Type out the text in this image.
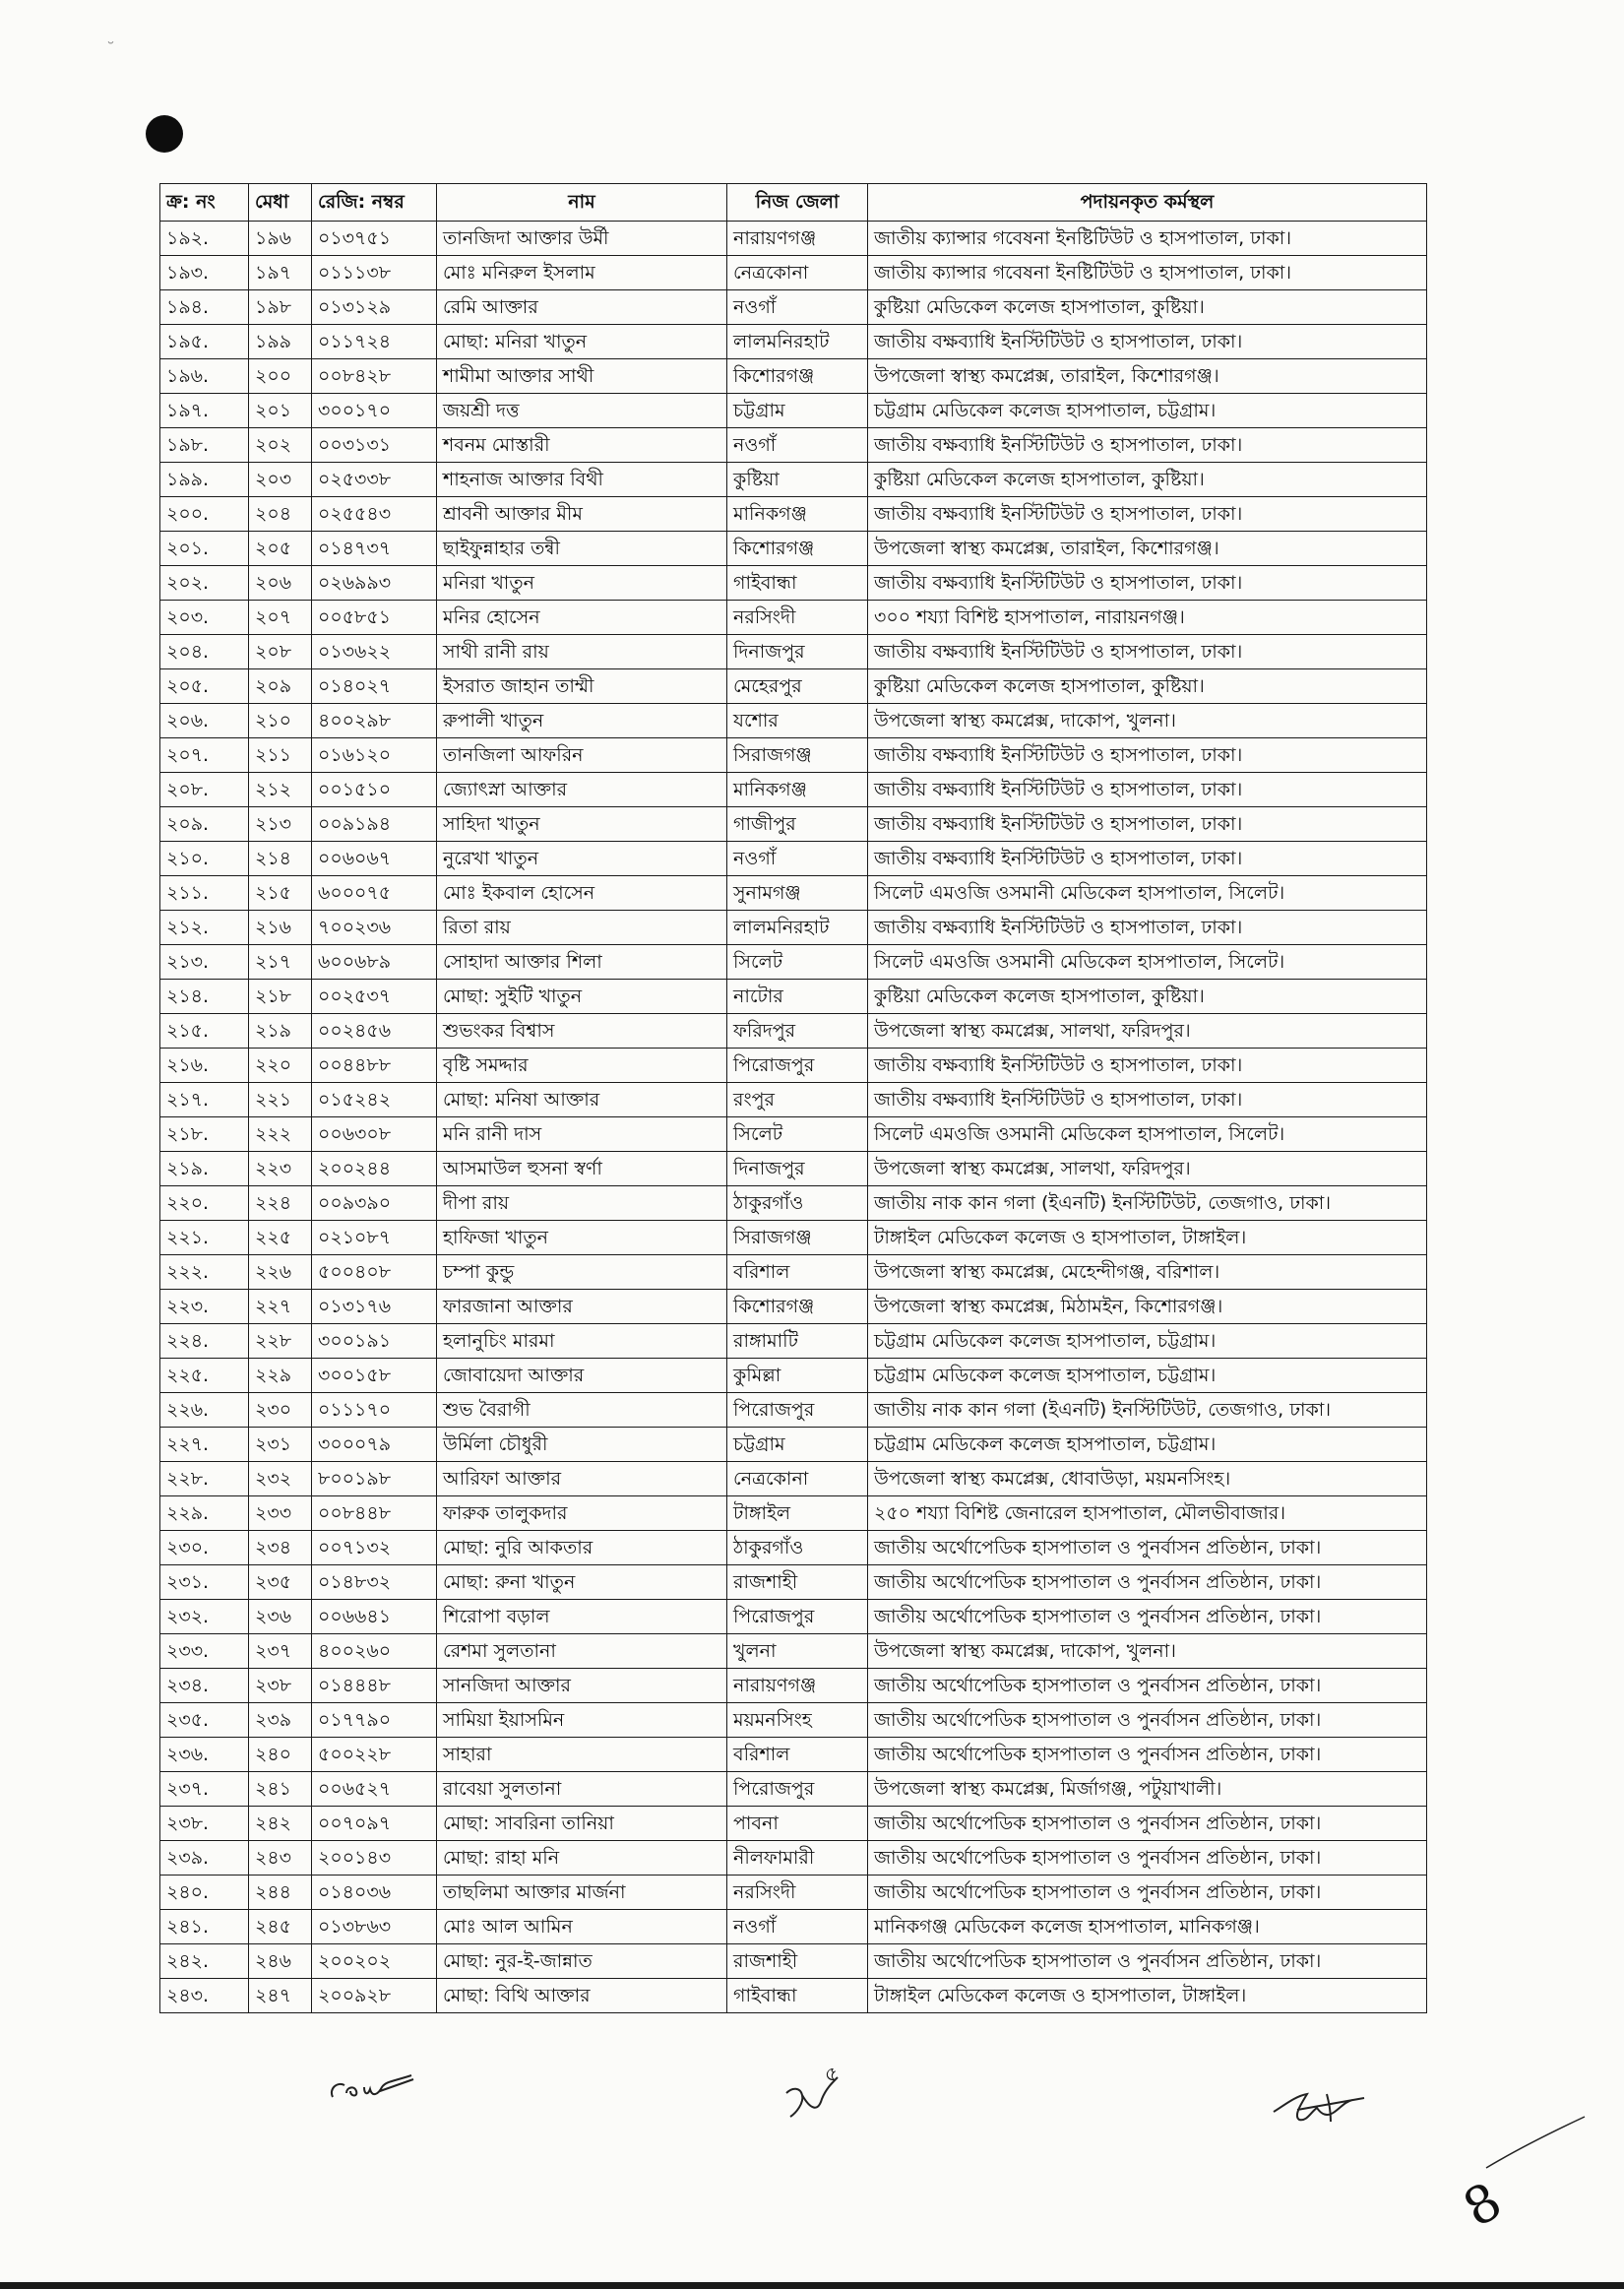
˘
ক্র: নং	মেধা	রেজি: নম্বর	নাম	নিজ জেলা	পদায়নকৃত কর্মস্থল
১৯২.	১৯৬	০১৩৭৫১	তানজিদা আক্তার উর্মী	নারায়ণগঞ্জ	জাতীয় ক্যান্সার গবেষনা ইনষ্টিটিউট ও হাসপাতাল, ঢাকা।
১৯৩.	১৯৭	০১১১৩৮	মোঃ মনিরুল ইসলাম	নেত্রকোনা	জাতীয় ক্যান্সার গবেষনা ইনষ্টিটিউট ও হাসপাতাল, ঢাকা।
১৯৪.	১৯৮	০১৩১২৯	রেমি আক্তার	নওগাঁ	কুষ্টিয়া মেডিকেল কলেজ হাসপাতাল, কুষ্টিয়া।
১৯৫.	১৯৯	০১১৭২৪	মোছা: মনিরা খাতুন	লালমনিরহাট	জাতীয় বক্ষব্যাধি ইনস্টিটিউট ও হাসপাতাল, ঢাকা।
১৯৬.	২০০	০০৮৪২৮	শামীমা আক্তার সাথী	কিশোরগঞ্জ	উপজেলা স্বাস্থ্য কমপ্লেক্স, তারাইল, কিশোরগঞ্জ।
১৯৭.	২০১	৩০০১৭০	জয়শ্রী দত্ত	চট্টগ্রাম	চট্টগ্রাম মেডিকেল কলেজ হাসপাতাল, চট্টগ্রাম।
১৯৮.	২০২	০০৩১৩১	শবনম মোস্তারী	নওগাঁ	জাতীয় বক্ষব্যাধি ইনস্টিটিউট ও হাসপাতাল, ঢাকা।
১৯৯.	২০৩	০২৫৩৩৮	শাহনাজ আক্তার বিথী	কুষ্টিয়া	কুষ্টিয়া মেডিকেল কলেজ হাসপাতাল, কুষ্টিয়া।
২০০.	২০৪	০২৫৫৪৩	শ্রাবনী আক্তার মীম	মানিকগঞ্জ	জাতীয় বক্ষব্যাধি ইনস্টিটিউট ও হাসপাতাল, ঢাকা।
২০১.	২০৫	০১৪৭৩৭	ছাইফুন্নাহার তন্বী	কিশোরগঞ্জ	উপজেলা স্বাস্থ্য কমপ্লেক্স, তারাইল, কিশোরগঞ্জ।
২০২.	২০৬	০২৬৯৯৩	মনিরা খাতুন	গাইবান্ধা	জাতীয় বক্ষব্যাধি ইনস্টিটিউট ও হাসপাতাল, ঢাকা।
২০৩.	২০৭	০০৫৮৫১	মনির হোসেন	নরসিংদী	৩০০ শয্যা বিশিষ্ট হাসপাতাল, নারায়নগঞ্জ।
২০৪.	২০৮	০১৩৬২২	সাথী রানী রায়	দিনাজপুর	জাতীয় বক্ষব্যাধি ইনস্টিটিউট ও হাসপাতাল, ঢাকা।
২০৫.	২০৯	০১৪০২৭	ইসরাত জাহান তাম্মী	মেহেরপুর	কুষ্টিয়া মেডিকেল কলেজ হাসপাতাল, কুষ্টিয়া।
২০৬.	২১০	৪০০২৯৮	রুপালী খাতুন	যশোর	উপজেলা স্বাস্থ্য কমপ্লেক্স, দাকোপ, খুলনা।
২০৭.	২১১	০১৬১২০	তানজিলা আফরিন	সিরাজগঞ্জ	জাতীয় বক্ষব্যাধি ইনস্টিটিউট ও হাসপাতাল, ঢাকা।
২০৮.	২১২	০০১৫১০	জ্যোৎস্না আক্তার	মানিকগঞ্জ	জাতীয় বক্ষব্যাধি ইনস্টিটিউট ও হাসপাতাল, ঢাকা।
২০৯.	২১৩	০০৯১৯৪	সাহিদা খাতুন	গাজীপুর	জাতীয় বক্ষব্যাধি ইনস্টিটিউট ও হাসপাতাল, ঢাকা।
২১০.	২১৪	০০৬০৬৭	নুরেখা খাতুন	নওগাঁ	জাতীয় বক্ষব্যাধি ইনস্টিটিউট ও হাসপাতাল, ঢাকা।
২১১.	২১৫	৬০০০৭৫	মোঃ ইকবাল হোসেন	সুনামগঞ্জ	সিলেট এমওজি ওসমানী মেডিকেল হাসপাতাল, সিলেট।
২১২.	২১৬	৭০০২৩৬	রিতা রায়	লালমনিরহাট	জাতীয় বক্ষব্যাধি ইনস্টিটিউট ও হাসপাতাল, ঢাকা।
২১৩.	২১৭	৬০০৬৮৯	সোহাদা আক্তার শিলা	সিলেট	সিলেট এমওজি ওসমানী মেডিকেল হাসপাতাল, সিলেট।
২১৪.	২১৮	০০২৫৩৭	মোছা: সুইটি খাতুন	নাটোর	কুষ্টিয়া মেডিকেল কলেজ হাসপাতাল, কুষ্টিয়া।
২১৫.	২১৯	০০২৪৫৬	শুভংকর বিশ্বাস	ফরিদপুর	উপজেলা স্বাস্থ্য কমপ্লেক্স, সালথা, ফরিদপুর।
২১৬.	২২০	০০৪৪৮৮	বৃষ্টি সমদ্দার	পিরোজপুর	জাতীয় বক্ষব্যাধি ইনস্টিটিউট ও হাসপাতাল, ঢাকা।
২১৭.	২২১	০১৫২৪২	মোছা: মনিষা আক্তার	রংপুর	জাতীয় বক্ষব্যাধি ইনস্টিটিউট ও হাসপাতাল, ঢাকা।
২১৮.	২২২	০০৬৩০৮	মনি রানী দাস	সিলেট	সিলেট এমওজি ওসমানী মেডিকেল হাসপাতাল, সিলেট।
২১৯.	২২৩	২০০২৪৪	আসমাউল হুসনা স্বর্ণা	দিনাজপুর	উপজেলা স্বাস্থ্য কমপ্লেক্স, সালথা, ফরিদপুর।
২২০.	২২৪	০০৯৩৯০	দীপা রায়	ঠাকুরগাঁও	জাতীয় নাক কান গলা (ইএনটি) ইনস্টিটিউট, তেজগাও, ঢাকা।
২২১.	২২৫	০২১০৮৭	হাফিজা খাতুন	সিরাজগঞ্জ	টাঙ্গাইল মেডিকেল কলেজ ও হাসপাতাল, টাঙ্গাইল।
২২২.	২২৬	৫০০৪০৮	চম্পা কুন্ডু	বরিশাল	উপজেলা স্বাস্থ্য কমপ্লেক্স, মেহেন্দীগঞ্জ, বরিশাল।
২২৩.	২২৭	০১৩১৭৬	ফারজানা আক্তার	কিশোরগঞ্জ	উপজেলা স্বাস্থ্য কমপ্লেক্স, মিঠামইন, কিশোরগঞ্জ।
২২৪.	২২৮	৩০০১৯১	হলানুচিং মারমা	রাঙ্গামাটি	চট্টগ্রাম মেডিকেল কলেজ হাসপাতাল, চট্টগ্রাম।
২২৫.	২২৯	৩০০১৫৮	জোবায়েদা আক্তার	কুমিল্লা	চট্টগ্রাম মেডিকেল কলেজ হাসপাতাল, চট্টগ্রাম।
২২৬.	২৩০	০১১১৭০	শুভ বৈরাগী	পিরোজপুর	জাতীয় নাক কান গলা (ইএনটি) ইনস্টিটিউট, তেজগাও, ঢাকা।
২২৭.	২৩১	৩০০০৭৯	উর্মিলা চৌধুরী	চট্টগ্রাম	চট্টগ্রাম মেডিকেল কলেজ হাসপাতাল, চট্টগ্রাম।
২২৮.	২৩২	৮০০১৯৮	আরিফা আক্তার	নেত্রকোনা	উপজেলা স্বাস্থ্য কমপ্লেক্স, ধোবাউড়া, ময়মনসিংহ।
২২৯.	২৩৩	০০৮৪৪৮	ফারুক তালুকদার	টাঙ্গাইল	২৫০ শয্যা বিশিষ্ট জেনারেল হাসপাতাল, মৌলভীবাজার।
২৩০.	২৩৪	০০৭১৩২	মোছা: নুরি আকতার	ঠাকুরগাঁও	জাতীয় অর্থোপেডিক হাসপাতাল ও পুনর্বাসন প্রতিষ্ঠান, ঢাকা।
২৩১.	২৩৫	০১৪৮৩২	মোছা: রুনা খাতুন	রাজশাহী	জাতীয় অর্থোপেডিক হাসপাতাল ও পুনর্বাসন প্রতিষ্ঠান, ঢাকা।
২৩২.	২৩৬	০০৬৬৪১	শিরোপা বড়াল	পিরোজপুর	জাতীয় অর্থোপেডিক হাসপাতাল ও পুনর্বাসন প্রতিষ্ঠান, ঢাকা।
২৩৩.	২৩৭	৪০০২৬০	রেশমা সুলতানা	খুলনা	উপজেলা স্বাস্থ্য কমপ্লেক্স, দাকোপ, খুলনা।
২৩৪.	২৩৮	০১৪৪৪৮	সানজিদা আক্তার	নারায়ণগঞ্জ	জাতীয় অর্থোপেডিক হাসপাতাল ও পুনর্বাসন প্রতিষ্ঠান, ঢাকা।
২৩৫.	২৩৯	০১৭৭৯০	সামিয়া ইয়াসমিন	ময়মনসিংহ	জাতীয় অর্থোপেডিক হাসপাতাল ও পুনর্বাসন প্রতিষ্ঠান, ঢাকা।
২৩৬.	২৪০	৫০০২২৮	সাহারা	বরিশাল	জাতীয় অর্থোপেডিক হাসপাতাল ও পুনর্বাসন প্রতিষ্ঠান, ঢাকা।
২৩৭.	২৪১	০০৬৫২৭	রাবেয়া সুলতানা	পিরোজপুর	উপজেলা স্বাস্থ্য কমপ্লেক্স, মির্জাগঞ্জ, পটুয়াখালী।
২৩৮.	২৪২	০০৭০৯৭	মোছা: সাবরিনা তানিয়া	পাবনা	জাতীয় অর্থোপেডিক হাসপাতাল ও পুনর্বাসন প্রতিষ্ঠান, ঢাকা।
২৩৯.	২৪৩	২০০১৪৩	মোছা: রাহা মনি	নীলফামারী	জাতীয় অর্থোপেডিক হাসপাতাল ও পুনর্বাসন প্রতিষ্ঠান, ঢাকা।
২৪০.	২৪৪	০১৪০৩৬	তাছলিমা আক্তার মার্জনা	নরসিংদী	জাতীয় অর্থোপেডিক হাসপাতাল ও পুনর্বাসন প্রতিষ্ঠান, ঢাকা।
২৪১.	২৪৫	০১৩৮৬৩	মোঃ আল আমিন	নওগাঁ	মানিকগঞ্জ মেডিকেল কলেজ হাসপাতাল, মানিকগঞ্জ।
২৪২.	২৪৬	২০০২০২	মোছা: নুর-ই-জান্নাত	রাজশাহী	জাতীয় অর্থোপেডিক হাসপাতাল ও পুনর্বাসন প্রতিষ্ঠান, ঢাকা।
২৪৩.	২৪৭	২০০৯২৮	মোছা: বিথি আক্তার	গাইবান্ধা	টাঙ্গাইল মেডিকেল কলেজ ও হাসপাতাল, টাঙ্গাইল।
৫
8
